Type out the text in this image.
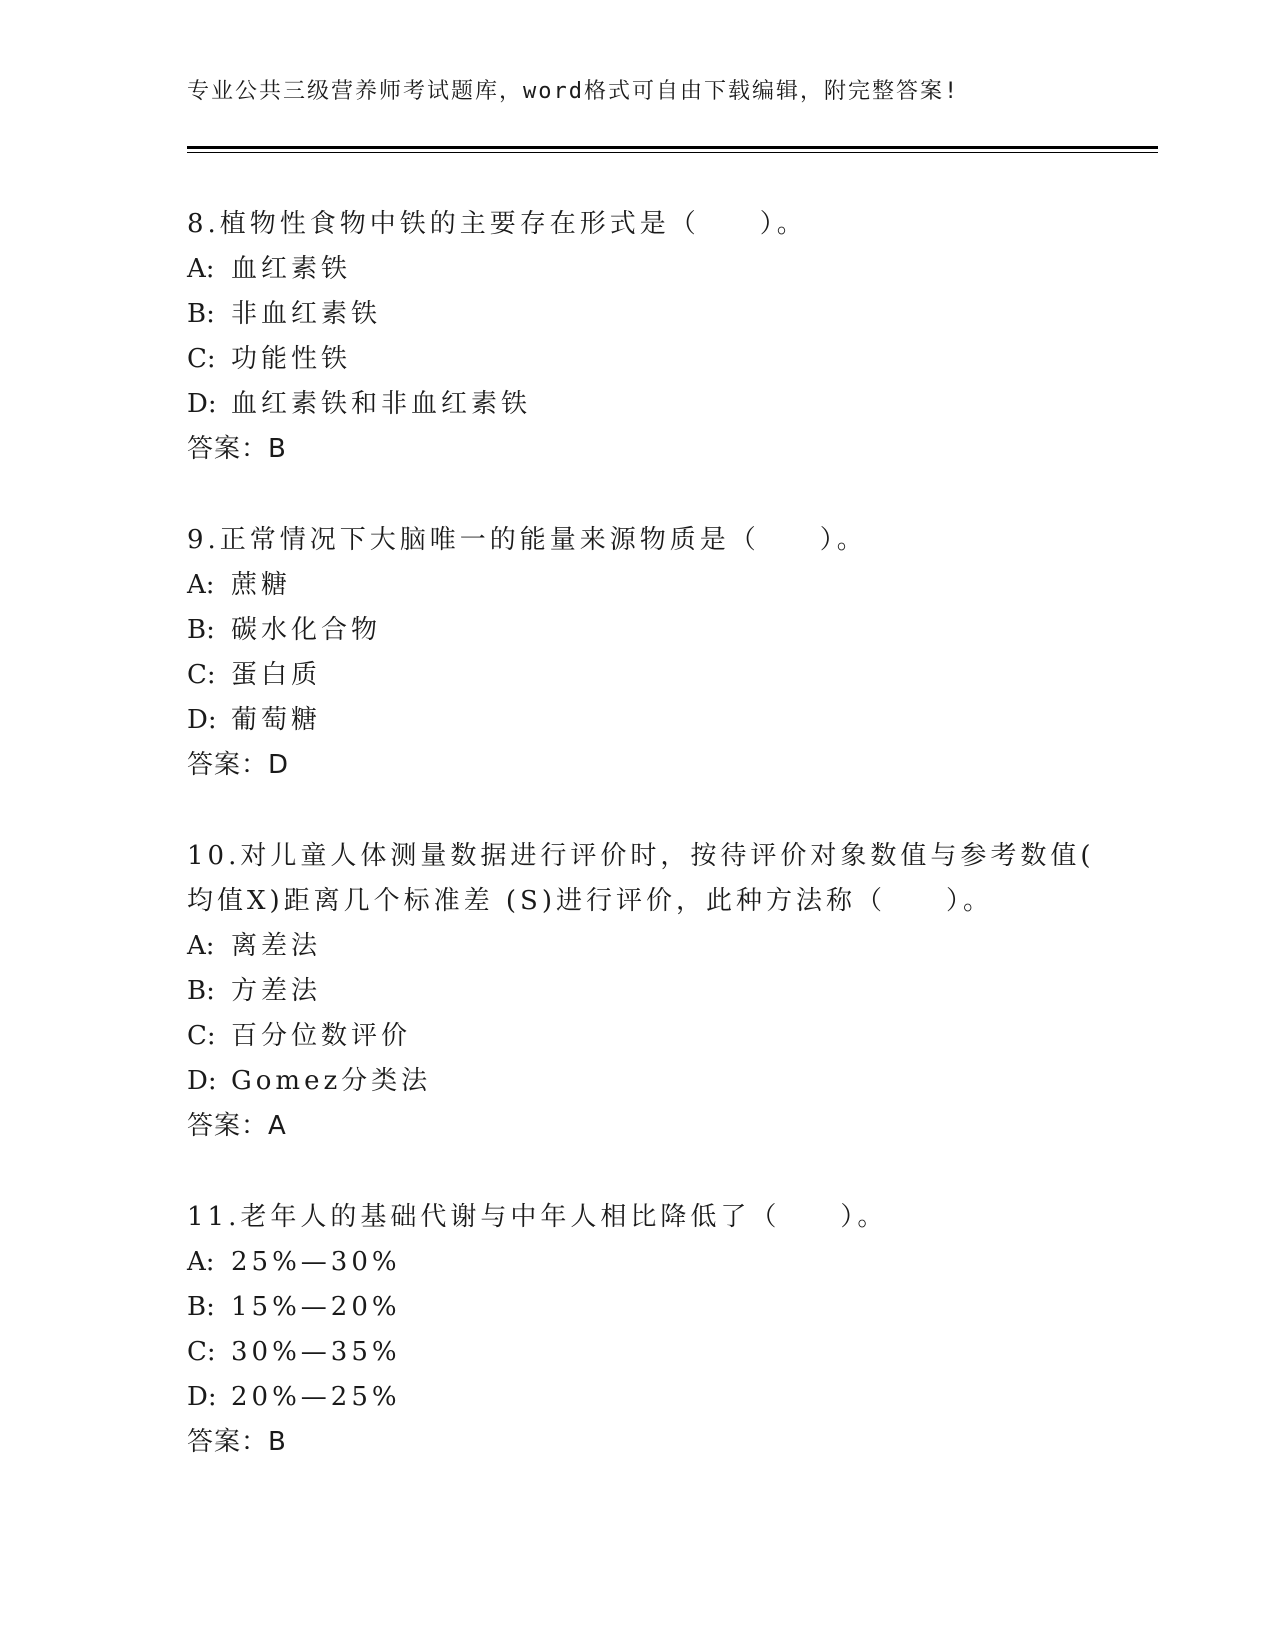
专业公共三级营养师考试题库，word格式可自由下载编辑，附完整答案!
8.植物性食物中铁的主要存在形式是（　　）。
A: 血红素铁
B: 非血红素铁
C: 功能性铁
D: 血红素铁和非血红素铁
答案：B
9.正常情况下大脑唯一的能量来源物质是（　　）。
A: 蔗糖
B: 碳水化合物
C: 蛋白质
D: 葡萄糖
答案：D
10.对儿童人体测量数据进行评价时，按待评价对象数值与参考数值(
均值X)距离几个标准差 (S)进行评价，此种方法称（　　）。
A: 离差法
B: 方差法
C: 百分位数评价
D: Gomez分类法
答案：A
11.老年人的基础代谢与中年人相比降低了（　　）。
A: 25%—30%
B: 15%—20%
C: 30%—35%
D: 20%—25%
答案：B
